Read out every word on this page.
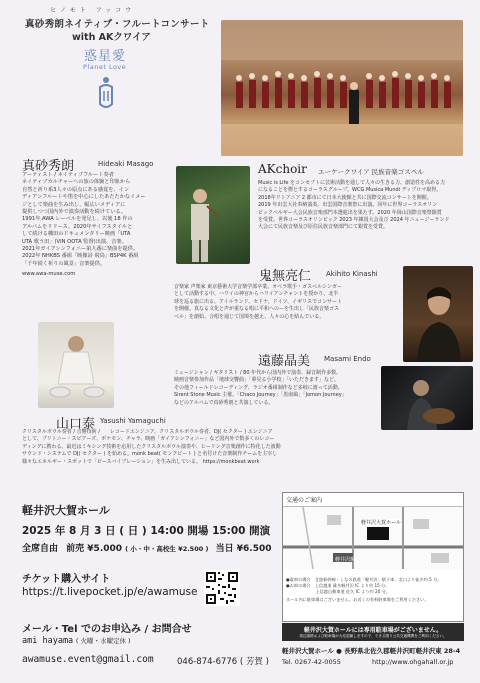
ヒノモト フッコウ
真砂秀朗ネイティブ・フルートコンサート
with AKクワイア
惑星愛
Planet Love
真砂秀朗	Hideaki Masago
アーティスト / ネイティブフルート奏者
ネイティブカルチャーへの旅の体験と印象から
自然と祈り系3人々の原点にある感覚を、イン
ディアンフルートや笛を中心にしたあたたかなイメー
ジとして楽曲を生み出し、幅広いメディアに
提供しつつ国内外で演奏活動を続けている。
1991年 AWA レーベルを発足し、以後 18 作の
アルバムをリリース。2020年サイフスタイルと
して続ける棚田のドキュメンタリー映画「UTA
UTA 歌う田」(VIN OOTA 監督)出演、音楽。
2021年ガイアシンフォニー第九番に楽曲を提供。
2022年 NHKBS 番組「映像詩 飛鳥」BSP4K 番組
「千年続く祈りの風景」音楽提供。
www.awa-muse.com
AKchoir エーケークワイア 民族音楽ゴスペル
Music is Life をコンセプトに芸術活動を通して人々の生きる力、創造性を高める力
になることを標とするコーラスグループ。WCG Musica Mundi ディプロマ取得。
2018年リトアニア 2 都市にて日本大使館と共に国際交流コンサートを開催。
2019 年出雲大社奉納演奏。出雲国際音楽祭に出演。同年に世界コーラスオリン
ピックベルギー大会民族音楽部門本選進出を果たす。2020 年岡山国際音楽祭銀賞
を受賞。世界コーラスオリンピック 2023 年韓国大会及び 2024 年ニュージーランド
大会にて民族音楽及び原住民族音楽部門にて銀賞を受賞。
鬼無亮仁 Akihito Kinashi
音楽家 声楽家 東京藝術大学音楽学部卒業。オペラ歌手・ゴスペルシンガー
として活動する中、ハワイの神官からハワイアンチャントを授かり、北半
球を巡る旅に出る。アイルランド、セドナ、ドイツ、イギリスでコンサート
を開催。真なる文化と声が重なる唱に平和へのーを生出し「民族音楽ゴス
ペル」を創始。合唱を通じて国境を越え、人々の心を結んでいる。
山口泰 Yasushi Yamaguchi
遠藤晶美 Masami Endo
ミュージシャン / ギタリスト / 80 年代から国内外で演奏、録音制作多数。
映画音楽参加作品「地球交響曲」「夢見る小学校」「いただきます」など。
その他フィールドレコーディング、ラジオ番組制作など多岐に渡って活動。
Sirent Stone Music 主催。「Chaco Journey」「黒南風」「Jomon Journey」
などのアルバムで真砂秀朗と共演している。
クリスタルボウル奏者 / 音響技術 /　　レコードエンジニア、クリスタルボウル奏者、DJ( セクター ) エンジニア
として、ブリトニー・スピアーズ、ポケモン、チャラ、映画「ガイアシンフォニー」など国内外で数多くのレコー
ディングに携わる。最近はミキシング技術を応用したクリスタルボウル演奏や、ヒーリング音楽創作に特化した波動
サウンド・システムで DJ( セクター ) を始める。monk beat( モンクビート ) と名付けた音楽制作チームを主宰し
様々なエネルギー・スポットで「ピースバイブレーション」を生み出している。 https://monkbeat.work
軽井沢大賀ホール
2025 年 8 月 3 日 ( 日 ) 14:00 開場 15:00 開演
全席自由 前売 ¥5.000 ( 小・中・高校生 ¥2.500 ) 当日 ¥6.500
チケット購入サイト
https://t.livepocket.jp/e/awamuse
メール・Tel でのお申込み / お問合せ
ami hayama ( 火曜・水曜定休 )
awamuse.event@gmail.com	046-874-6776 ( 芳賀 )
交通のご案内
軽井沢大賀ホール
軽井沢駅
●電車の場合　北陸新幹線・しなの鉄道「軽井沢」駅下車、北口より徒歩約 5 分。
●お車の場合　上信越道 碓氷軽井沢 IC より約 15 分。
　　　　　　　上信越自動車道 佐久 IC より約 20 分。
ホール内に駐車場はございません。お近くの有料駐車場をご利用ください。
軽井沢大賀ホールには専用駐車場がございません。
周辺道路および駐車場が大変混雑しますので、できる限り公共交通機関をご利用ください。
軽井沢大賀ホール ● 長野県北佐久郡軽井沢町軽井沢東 28-4
Tel. 0267-42-0055	http://www.ohgahall.or.jp
